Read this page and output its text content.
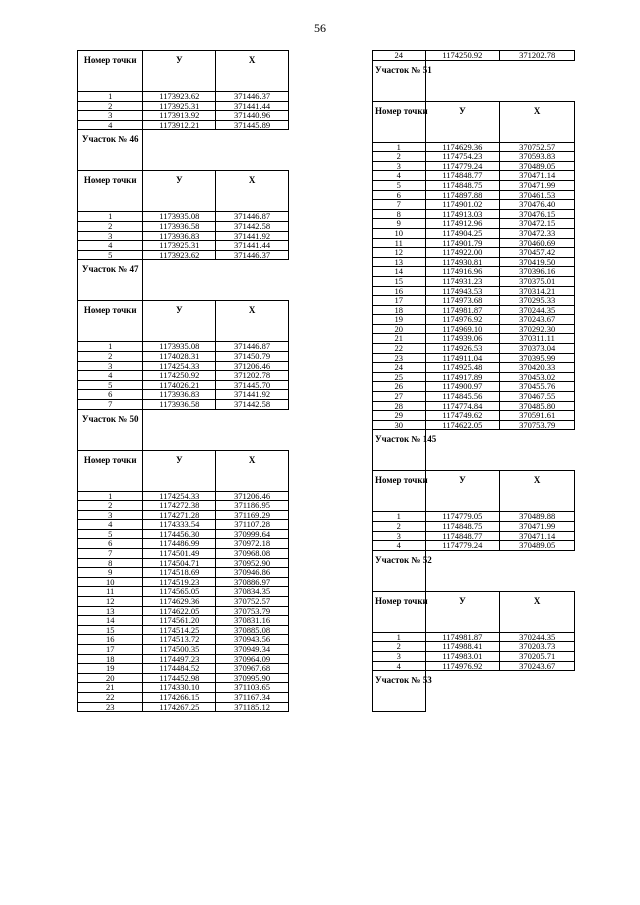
56
Номер точки	У	Х
1	1173923.62	371446.37
2	1173925.31	371441.44
3	1173913.92	371440.96
4	1173912.21	371445.89
Участок № 46		
Номер точки	У	Х
1	1173935.08	371446.87
2	1173936.58	371442.58
3	1173936.83	371441.92
4	1173925.31	371441.44
5	1173923.62	371446.37
Участок № 47		
Номер точки	У	Х
1	1173935.08	371446.87
2	1174028.31	371450.79
3	1174254.33	371206.46
4	1174250.92	371202.78
5	1174026.21	371445.70
6	1173936.83	371441.92
7	1173936.58	371442.58
Участок № 50		
Номер точки	У	Х
1	1174254.33	371206.46
2	1174272.38	371186.95
3	1174271.28	371169.29
4	1174333.54	371107.28
5	1174456.30	370999.64
6	1174486.99	370972.18
7	1174501.49	370968.08
8	1174504.71	370952.90
9	1174518.69	370946.86
10	1174519.23	370886.97
11	1174565.05	370834.35
12	1174629.36	370752.57
13	1174622.05	370753.79
14	1174561.20	370831.16
15	1174514.25	370885.08
16	1174513.72	370943.56
17	1174500.35	370949.34
18	1174497.23	370964.09
19	1174484.52	370967.68
20	1174452.98	370995.90
21	1174330.10	371103.65
22	1174266.15	371167.34
23	1174267.25	371185.12
24	1174250.92	371202.78
Участок № 51		
Номер точки	У	Х
1	1174629.36	370752.57
2	1174754.23	370593.83
3	1174779.24	370489.05
4	1174848.77	370471.14
5	1174848.75	370471.99
6	1174897.88	370461.53
7	1174901.02	370476.40
8	1174913.03	370476.15
9	1174912.96	370472.15
10	1174904.25	370472.33
11	1174901.79	370460.69
12	1174922.00	370457.42
13	1174930.81	370419.50
14	1174916.96	370396.16
15	1174931.23	370375.01
16	1174943.53	370314.21
17	1174973.68	370295.33
18	1174981.87	370244.35
19	1174976.92	370243.67
20	1174969.10	370292.30
21	1174939.06	370311.11
22	1174926.53	370373.04
23	1174911.04	370395.99
24	1174925.48	370420.33
25	1174917.89	370453.02
26	1174900.97	370455.76
27	1174845.56	370467.55
28	1174774.84	370485.80
29	1174749.62	370591.61
30	1174622.05	370753.79
Участок № 145		
Номер точки	У	Х
1	1174779.05	370489.88
2	1174848.75	370471.99
3	1174848.77	370471.14
4	1174779.24	370489.05
Участок № 52		
Номер точки	У	Х
1	1174981.87	370244.35
2	1174988.41	370203.73
3	1174983.01	370205.71
4	1174976.92	370243.67
Участок № 53		
